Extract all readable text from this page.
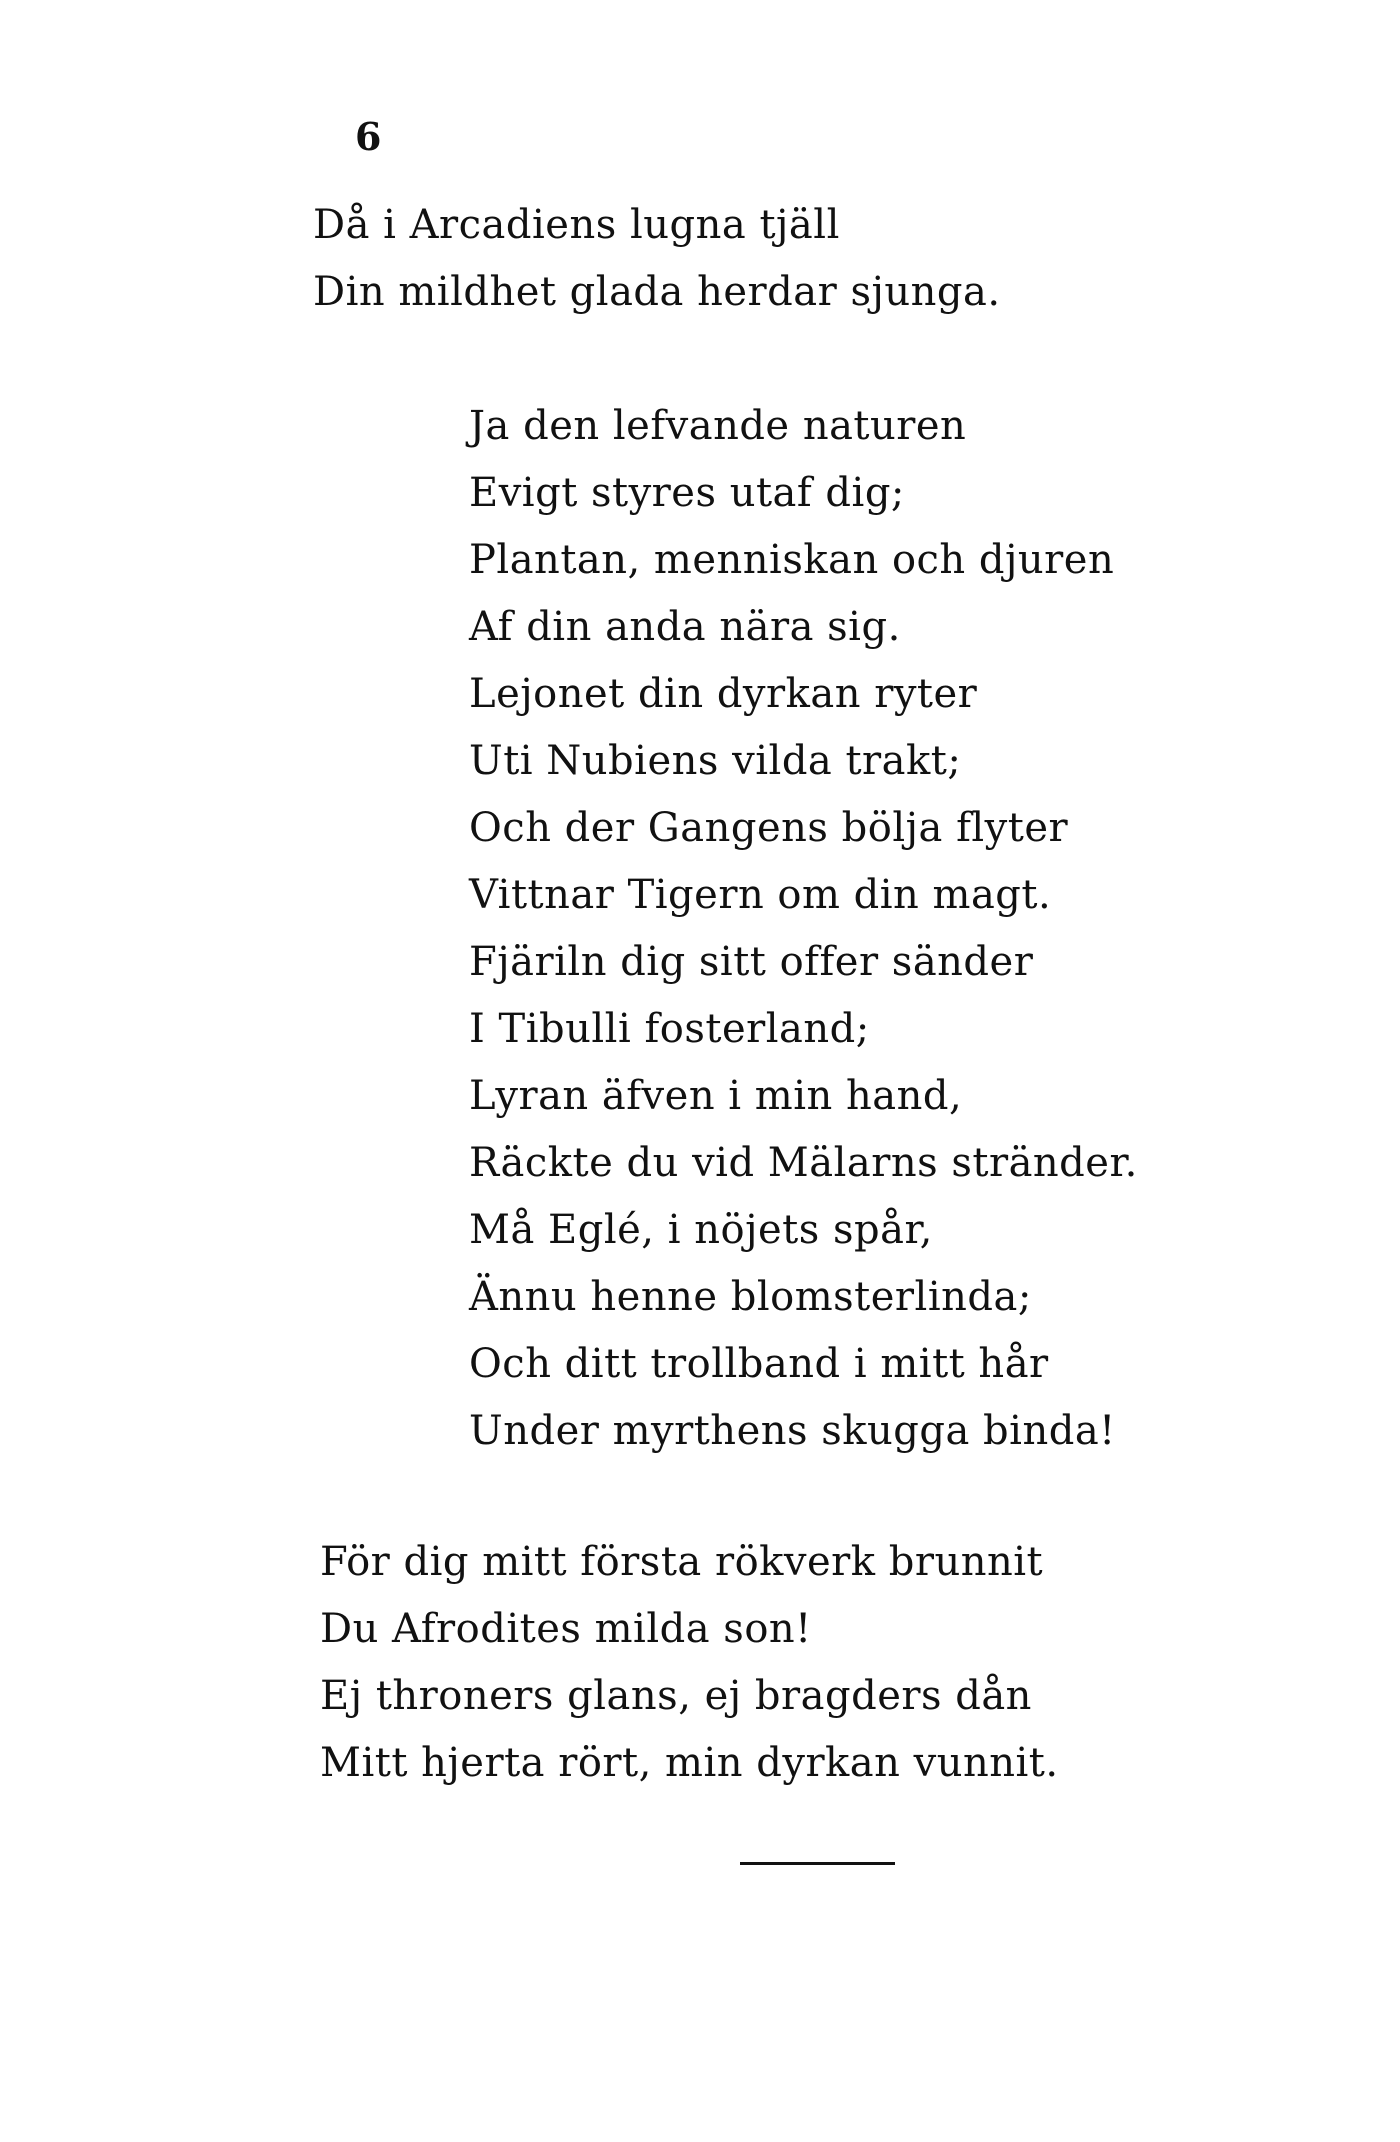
6
Då i Arcadiens lugna tjäll
Din mildhet glada herdar sjunga.
Ja den lefvande naturen
Evigt styres utaf dig;
Plantan, menniskan och djuren
Af din anda nära sig.
Lejonet din dyrkan ryter
Uti Nubiens vilda trakt;
Och der Gangens bölja flyter
Vittnar Tigern om din magt.
Fjäriln dig sitt offer sänder
I Tibulli fosterland;
Lyran äfven i min hand,
Räckte du vid Mälarns stränder.
Må Eglé, i nöjets spår,
Ännu henne blomsterlinda;
Och ditt trollband i mitt hår
Under myrthens skugga binda!
För dig mitt första rökverk brunnit
Du Afrodites milda son!
Ej throners glans, ej bragders dån
Mitt hjerta rört, min dyrkan vunnit.
